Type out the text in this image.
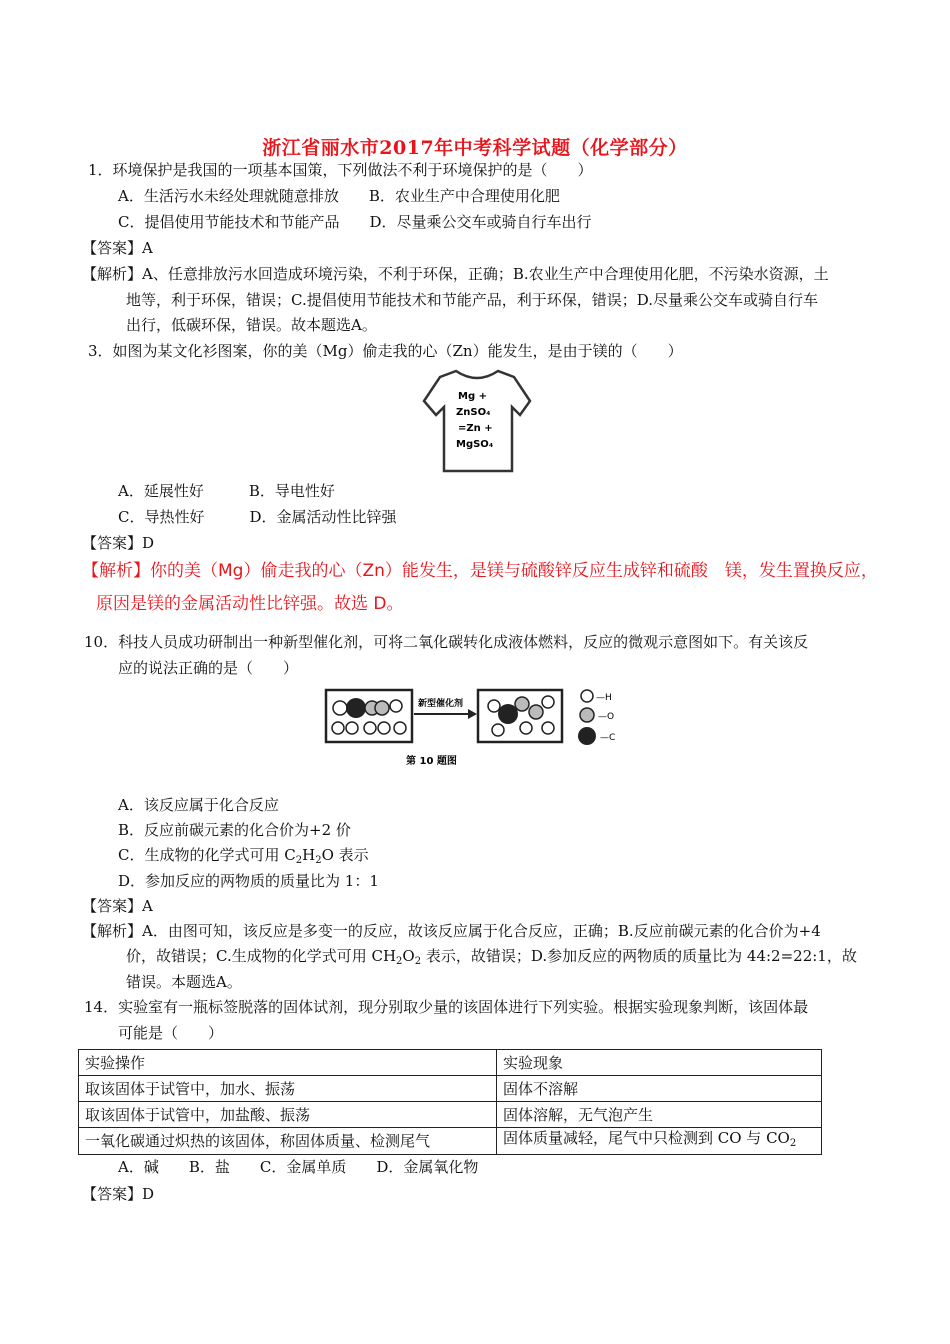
浙江省丽水市2017年中考科学试题（化学部分）
1．环境保护是我国的一项基本国策，下列做法不利于环境保护的是（　　）
A．生活污水未经处理就随意排放　　B．农业生产中合理使用化肥
C．提倡使用节能技术和节能产品　　D．尽量乘公交车或骑自行车出行
【答案】A
【解析】A、任意排放污水回造成环境污染，不利于环保，正确；B.农业生产中合理使用化肥，不污染水资源，土
地等，利于环保，错误；C.提倡使用节能技术和节能产品，利于环保，错误；D.尽量乘公交车或骑自行车
出行，低碳环保，错误。故本题选A。
3．如图为某文化衫图案，你的美（Mg）偷走我的心（Zn）能发生，是由于镁的（　　）
Mg +
ZnSO₄
=Zn +
MgSO₄
A．延展性好　　　B．导电性好
C．导热性好　　　D．金属活动性比锌强
【答案】D
【解析】你的美（Mg）偷走我的心（Zn）能发生，是镁与硫酸锌反应生成锌和硫酸　镁，发生置换反应，
原因是镁的金属活动性比锌强。故选 D。
10．科技人员成功研制出一种新型催化剂，可将二氧化碳转化成液体燃料，反应的微观示意图如下。有关该反
应的说法正确的是（　　）
新型催化剂
—H
—O
—C
第 10 题图
A．该反应属于化合反应
B．反应前碳元素的化合价为+2 价
C．生成物的化学式可用 $C_2H_2O$ 表示
D．参加反应的两物质的质量比为 1：1
【答案】A
【解析】A．由图可知，该反应是多变一的反应，故该反应属于化合反应，正确；B.反应前碳元素的化合价为+4
价，故错误；C.生成物的化学式可用 $CH_2O_2$ 表示，故错误；D.参加反应的两物质的质量比为 44:2=22:1，故
错误。本题选A。
14．实验室有一瓶标签脱落的固体试剂，现分别取少量的该固体进行下列实验。根据实验现象判断，该固体最
可能是（　　）
实验操作	实验现象
取该固体于试管中，加水、振荡	固体不溶解
取该固体于试管中，加盐酸、振荡	固体溶解，无气泡产生
一氧化碳通过炽热的该固体，称固体质量、检测尾气	固体质量减轻，尾气中只检测到 CO 与 $CO_2$
A．碱　　B．盐　　C．金属单质　　D．金属氧化物
【答案】D
